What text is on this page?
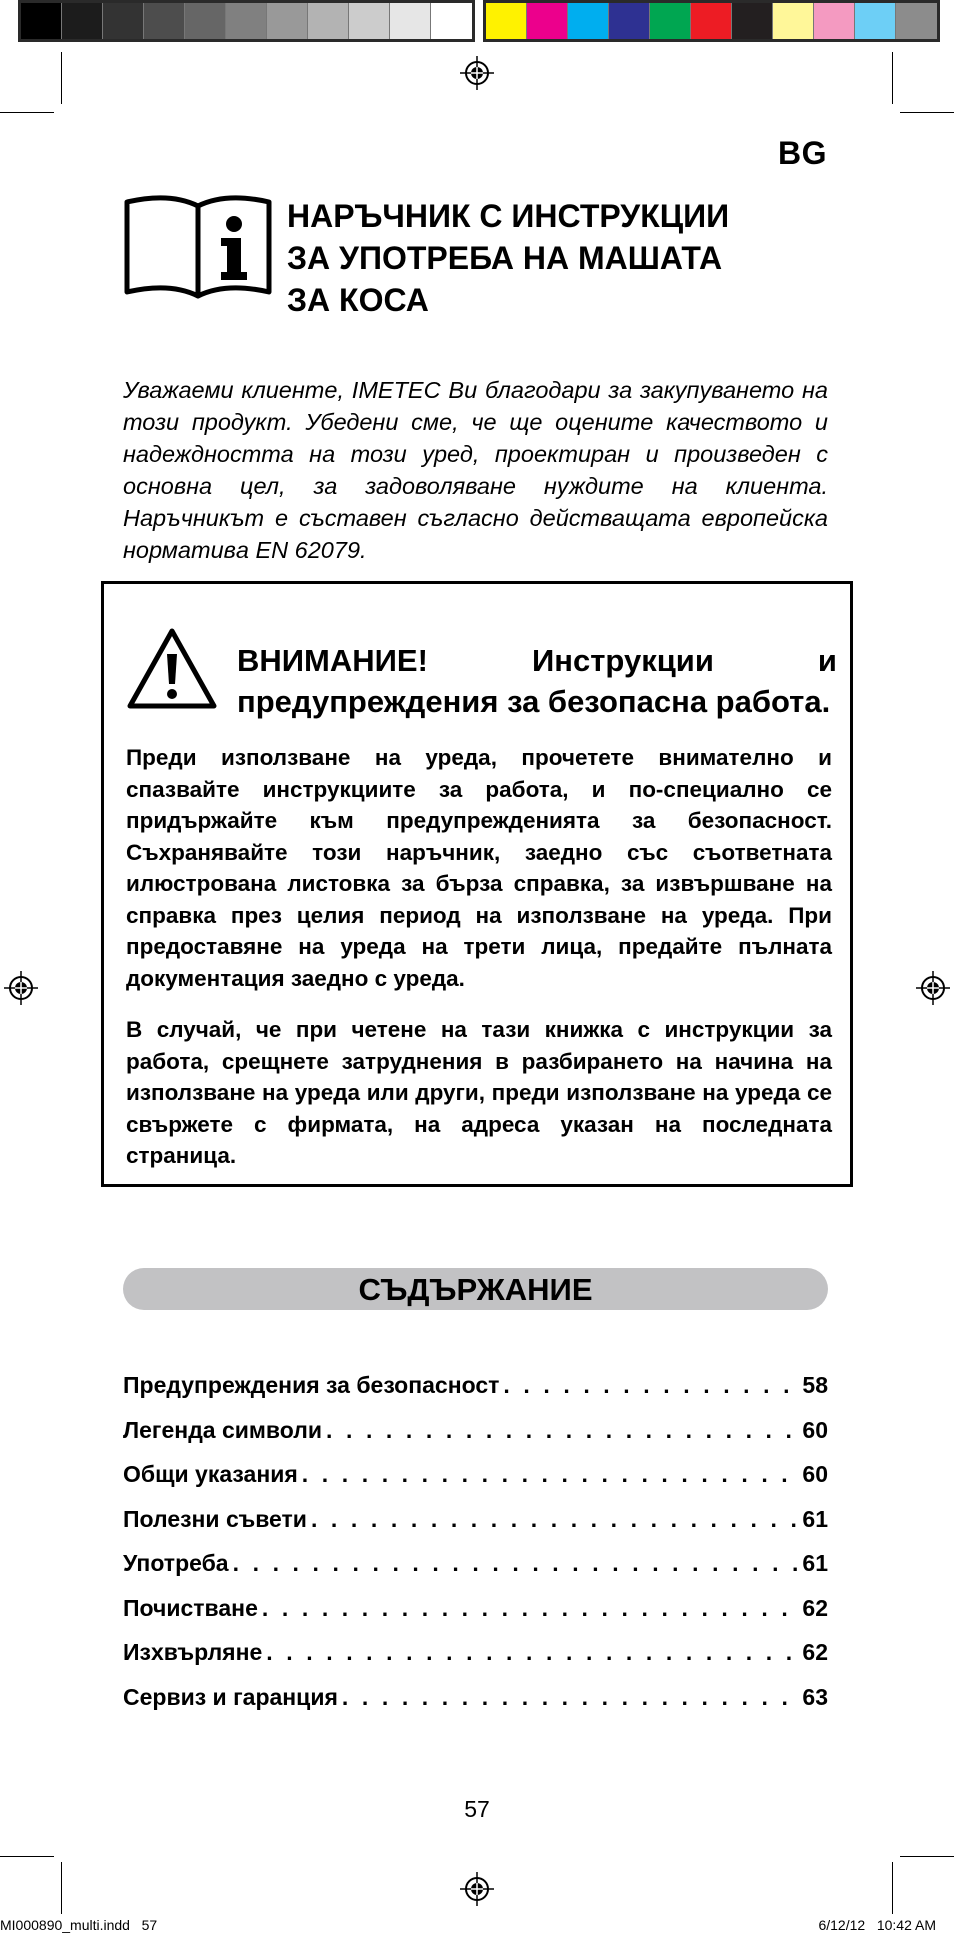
BG
НАРЪЧНИК С ИНСТРУКЦИИ
ЗА УПОТРЕБА НА МАШАТА
ЗА КОСА

Уважаеми клиенте, IMETEC Ви благодари за закупуването на този продукт. Убедени сме, че ще оцените качеството и надеждността на този уред, проектиран и произведен с основна цел, за задоволяване нуждите на клиента. Наръчникът е съставен съгласно действащата европейска нормативa EN 62079.

ВНИМАНИЕ! Инструкции и предупреждения за безопасна работа.

Преди използване на уреда, прочетете внимателно и спазвайте инструкциите за работа, и по-специално се придържайте към предупрежденията за безопасност. Съхранявайте този наръчник, заедно със съответната илюстрована листовка за бърза справка, за извършване на справка през целия период на използване на уреда. При предоставяне на уреда на трети лица, предайте пълната документация заедно с уреда.

В случай, че при четене на тази книжка с инструкции за работа, срещнете затруднения в разбирането на начина на използване на уреда или други, преди използване на уреда се свържете с фирмата, на адреса указан на последната страница.

СЪДЪРЖАНИЕ
Предупреждения за безопасност . . .	58
Легенда символи . . .	60
Общи указания . . .	60
Полезни съвети . . .	61
Употреба . . .	61
Почистване . . .	62
Изхвърляне . . .	62
Сервиз и гаранция . . .	63
57
MI000890_multi.indd   57	6/12/12   10:42 AM
